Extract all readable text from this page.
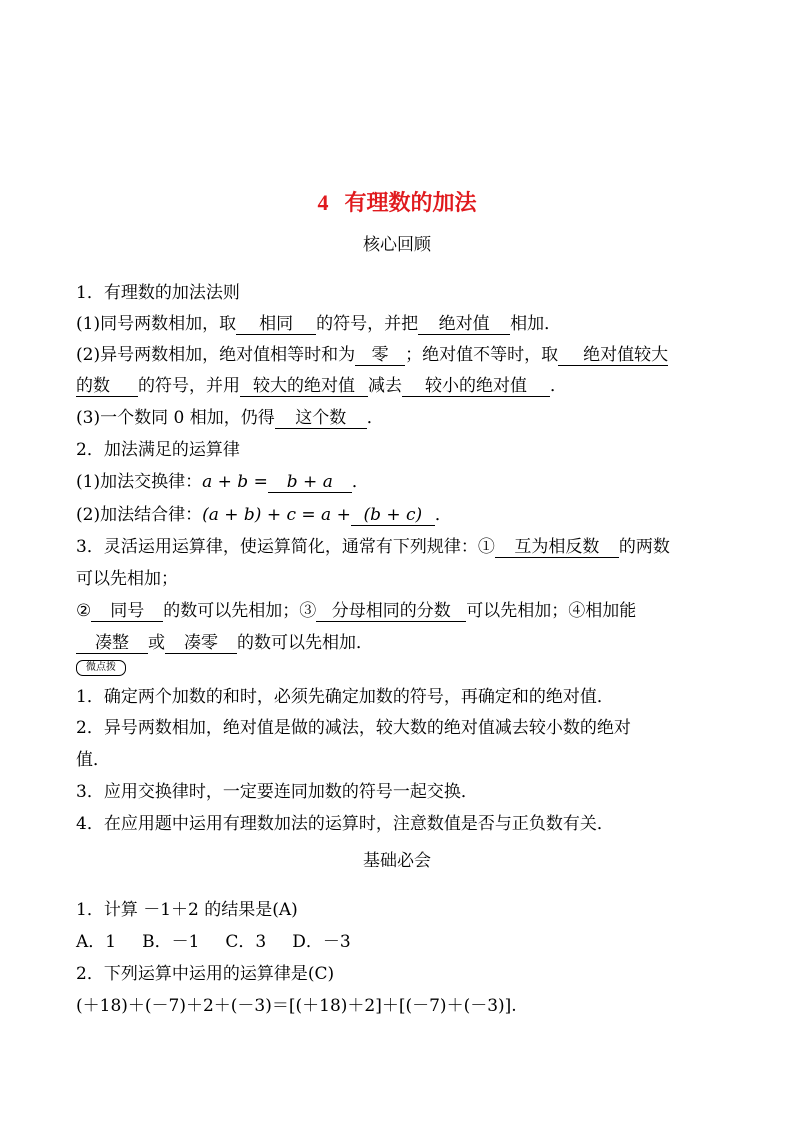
4 有理数的加法
核心回顾
1．有理数的加法法则
(1)同号两数相加，取 相同 的符号，并把 绝对值 相加．
(2)异号两数相加，绝对值相等时和为 零 ；绝对值不等时，取 绝对值较大
的数 的符号，并用 较大的绝对值 减去 较小的绝对值 ．
(3)一个数同 0 相加，仍得 这个数 ．
2．加法满足的运算律
(1)加法交换律：a + b = b + a ．
(2)加法结合律：(a + b) + c = a + (b + c) ．
3．灵活运用运算律，使运算简化，通常有下列规律：① 互为相反数 的两数
可以先相加；
② 同号 的数可以先相加；③ 分母相同的分数 可以先相加；④相加能
凑整 或 凑零 的数可以先相加．
微点拨
1．确定两个加数的和时，必须先确定加数的符号，再确定和的绝对值．
2．异号两数相加，绝对值是做的减法，较大数的绝对值减去较小数的绝对
值．
3．应用交换律时，一定要连同加数的符号一起交换．
4．在应用题中运用有理数加法的运算时，注意数值是否与正负数有关．
基础必会
1．计算 －1＋2 的结果是(A)
A．1 B．－1 C．3 D．－3
2．下列运算中运用的运算律是(C)
(＋18)＋(－7)＋2＋(－3)＝[(＋18)＋2]＋[(－7)＋(－3)].
